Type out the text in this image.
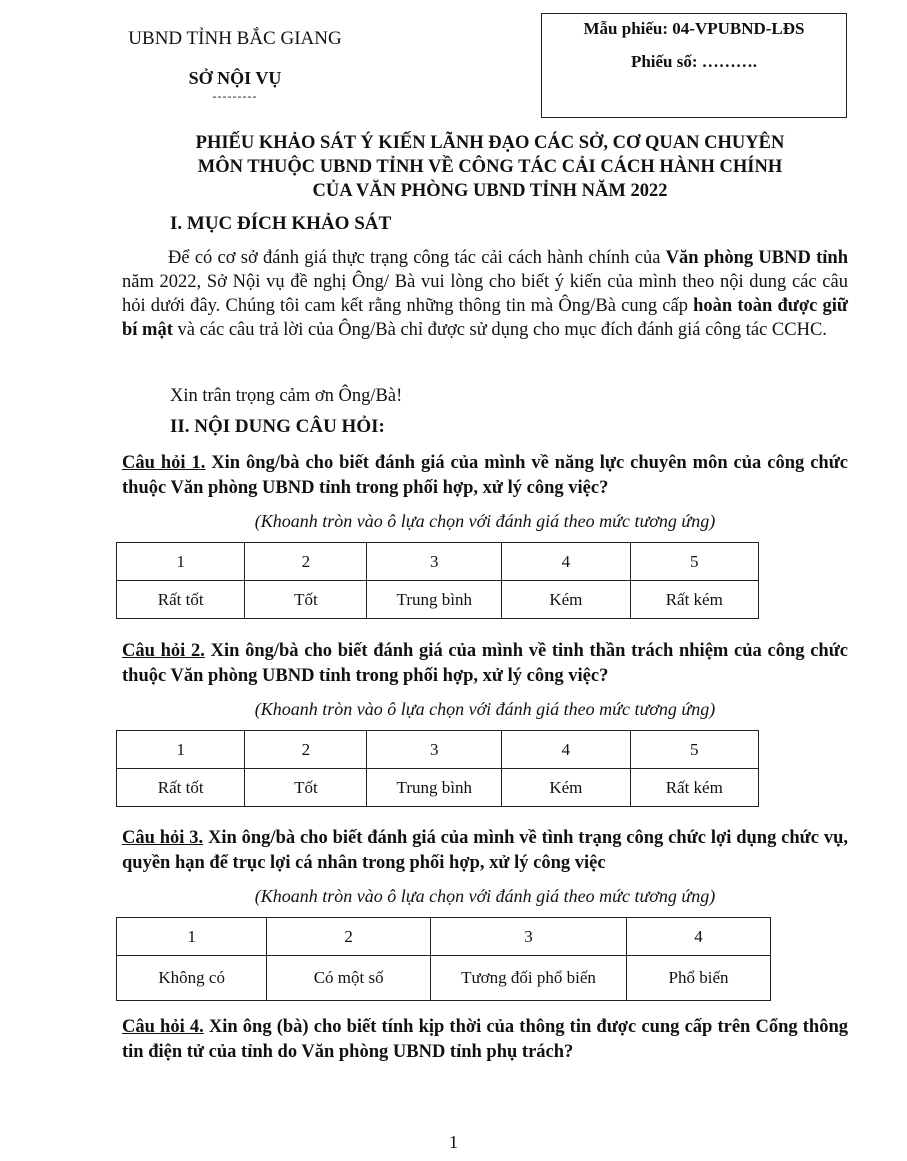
UBND TỈNH BẮC GIANG
SỞ NỘI VỤ
---------
Mẫu phiếu: 04-VPUBND-LĐS
Phiếu số: ……….
PHIẾU KHẢO SÁT Ý KIẾN LÃNH ĐẠO CÁC SỞ, CƠ QUAN CHUYÊN
MÔN THUỘC UBND TỈNH VỀ CÔNG TÁC CẢI CÁCH HÀNH CHÍNH
CỦA VĂN PHÒNG UBND TỈNH NĂM 2022
I. MỤC ĐÍCH KHẢO SÁT
Để có cơ sở đánh giá thực trạng công tác cải cách hành chính của Văn phòng UBND tỉnh năm 2022, Sở Nội vụ đề nghị Ông/ Bà vui lòng cho biết ý kiến của mình theo nội dung các câu hỏi dưới đây. Chúng tôi cam kết rằng những thông tin mà Ông/Bà cung cấp hoàn toàn được giữ bí mật và các câu trả lời của Ông/Bà chỉ được sử dụng cho mục đích đánh giá công tác CCHC.
Xin trân trọng cảm ơn Ông/Bà!
II. NỘI DUNG CÂU HỎI:
Câu hỏi 1. Xin ông/bà cho biết đánh giá của mình về năng lực chuyên môn của công chức thuộc Văn phòng UBND tỉnh trong phối hợp, xử lý công việc?
(Khoanh tròn vào ô lựa chọn với đánh giá theo mức tương ứng)
1	2	3	4	5
Rất tốt	Tốt	Trung bình	Kém	Rất kém
Câu hỏi 2. Xin ông/bà cho biết đánh giá của mình về tinh thần trách nhiệm của công chức thuộc Văn phòng UBND tỉnh trong phối hợp, xử lý công việc?
(Khoanh tròn vào ô lựa chọn với đánh giá theo mức tương ứng)
1	2	3	4	5
Rất tốt	Tốt	Trung bình	Kém	Rất kém
Câu hỏi 3. Xin ông/bà cho biết đánh giá của mình về tình trạng công chức lợi dụng chức vụ, quyền hạn để trục lợi cá nhân trong phối hợp, xử lý công việc
(Khoanh tròn vào ô lựa chọn với đánh giá theo mức tương ứng)
1	2	3	4
Không có	Có một số	Tương đối phổ biến	Phổ biến
Câu hỏi 4. Xin ông (bà) cho biết tính kịp thời của thông tin được cung cấp trên Cổng thông tin điện tử của tỉnh do Văn phòng UBND tỉnh phụ trách?
1
